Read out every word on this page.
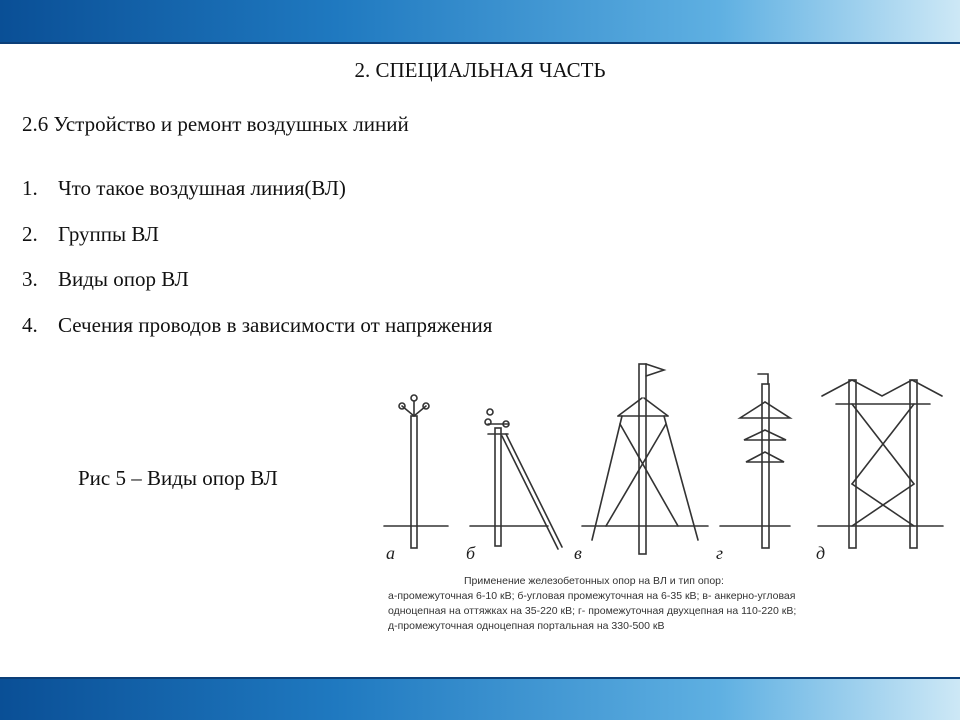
2. СПЕЦИАЛЬНАЯ ЧАСТЬ
2.6 Устройство и ремонт воздушных линий
1. Что такое воздушная линия(ВЛ)
2. Группы ВЛ
3. Виды опор ВЛ
4. Сечения проводов в зависимости от напряжения
Рис 5 – Виды опор ВЛ
а	б	в	г	д
Применение железобетонных опор на ВЛ и тип опор:
а-промежуточная 6-10 кВ; б-угловая промежуточная на 6-35 кВ; в- анкерно-угловая
одноцепная на оттяжках на 35-220 кВ; г- промежуточная двухцепная на 110-220 кВ;
д-промежуточная одноцепная портальная на 330-500 кВ
